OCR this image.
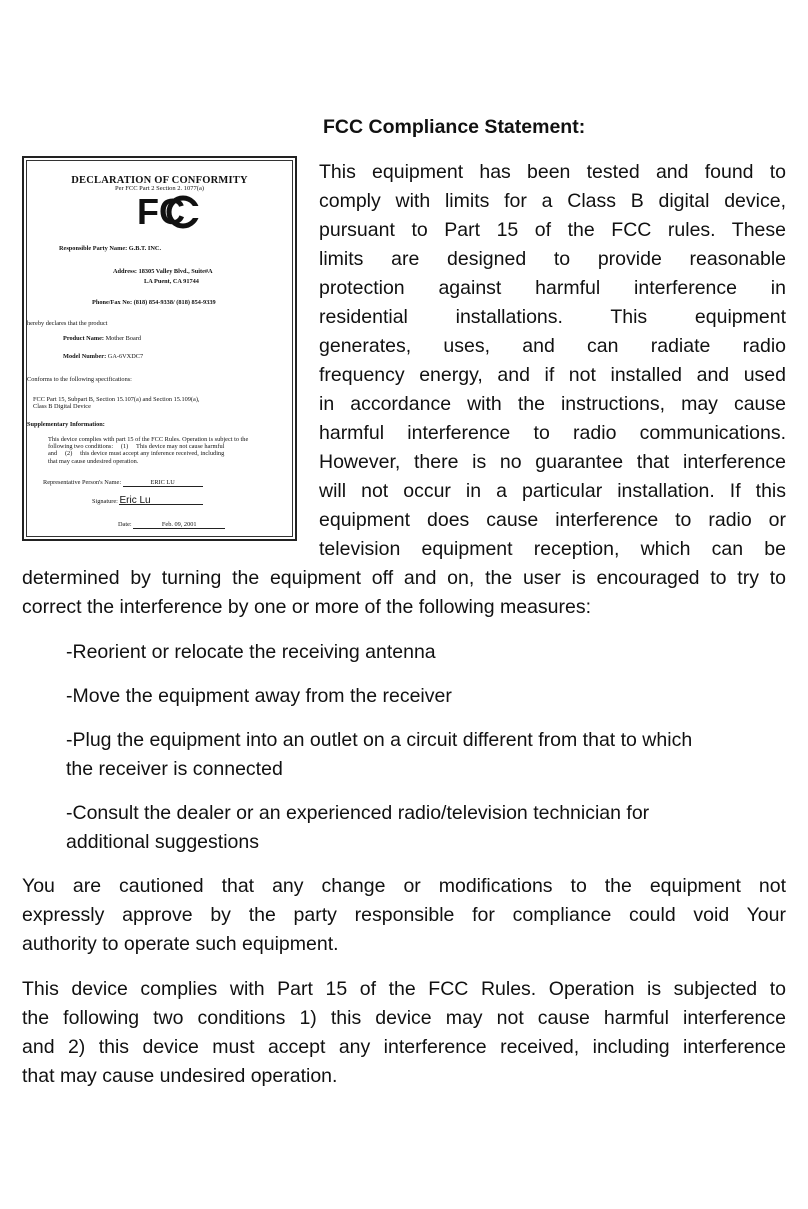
FCC Compliance Statement:
DECLARATION OF CONFORMITY
Per FCC Part 2 Section 2. 1077(a)
FC
Responsible Party Name: G.B.T. INC.
Address: 18305 Valley Blvd., Suite#A
LA Puent, CA 91744
Phone/Fax No: (818) 854-9338/ (818) 854-9339
hereby declares that the product
Product Name: Mother Board
Model Number: GA-6VXDC7
Conforms to the following specifications:
FCC Part 15, Subpart B, Section 15.107(a) and Section 15.109(a),
Class B Digital Device
Supplementary Information:
This device complies with part 15 of the FCC Rules. Operation is subject to the
following two conditions:     (1)     This device may not cause harmful
and     (2)     this device must accept any inference received, including
that may cause undesired operation.
Representative Person's Name:	ERIC LU
Signature: Eric Lu
Date:	Feb. 09, 2001

This equipment has been tested and found to

comply with limits for a Class B digital device,

pursuant to Part 15 of the FCC rules. These

limits are designed to provide reasonable

protection against harmful interference in

residential installations. This equipment

generates, uses, and can radiate radio

frequency energy, and if not installed and used

in accordance with the instructions, may cause

harmful interference to radio communications.

However, there is no guarantee that interference

will not occur in a particular installation. If this

equipment does cause interference to radio or

television equipment reception, which can be

determined by turning the equipment off and on, the user is encouraged to try to

correct the interference by one or more of the following measures:

-Reorient or relocate the receiving antenna

-Move the equipment away from the receiver

-Plug the equipment into an outlet on a circuit different from that to which

the receiver is connected

-Consult the dealer or an experienced radio/television technician for

additional suggestions

You are cautioned that any change or modifications to the equipment not
expressly approve by the party responsible for compliance could void Your
authority to operate such equipment.
This device complies with Part 15 of the FCC Rules. Operation is subjected to
the following two conditions 1) this device may not cause harmful interference
and 2) this device must accept any interference received, including interference
that may cause undesired operation.
